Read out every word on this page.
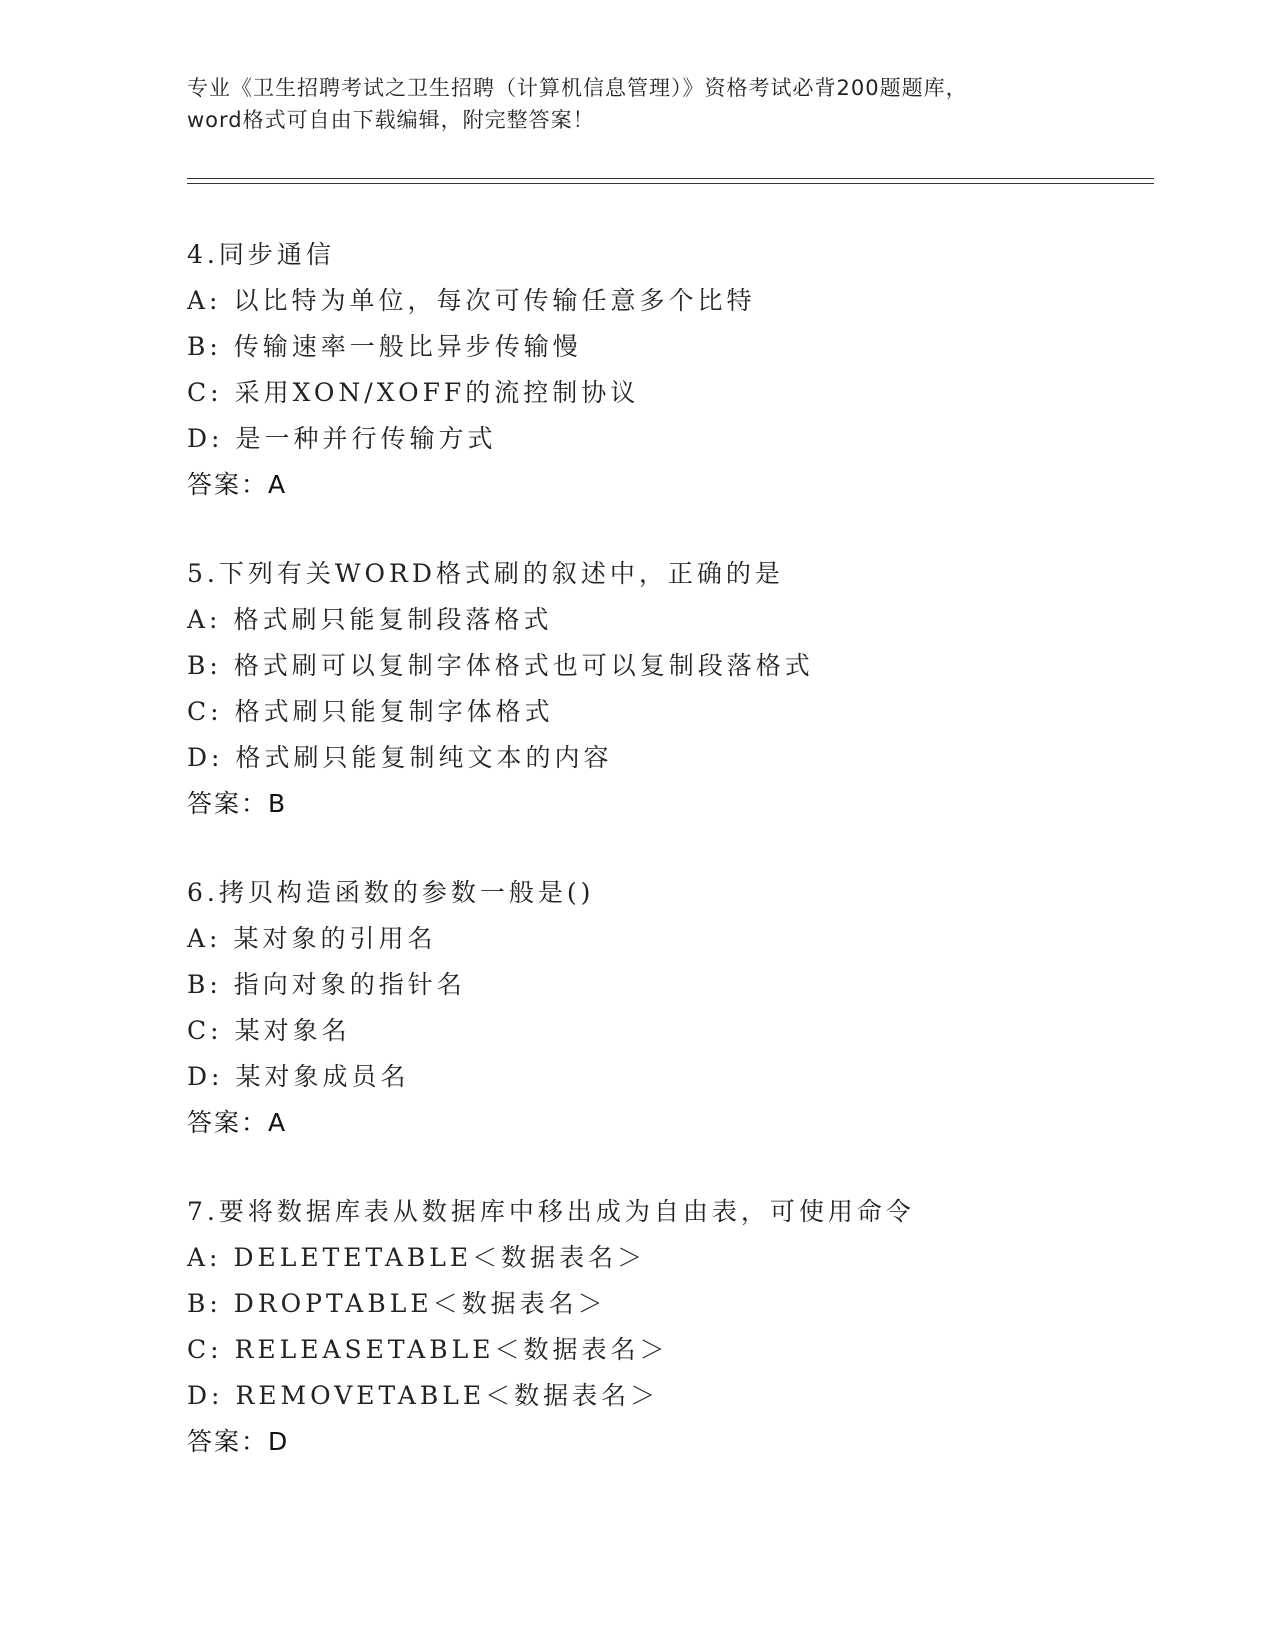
专业《卫生招聘考试之卫生招聘（计算机信息管理）》资格考试必背200题题库，
word格式可自由下载编辑，附完整答案！
4.同步通信
A: 以比特为单位，每次可传输任意多个比特
B: 传输速率一般比异步传输慢
C: 采用XON/XOFF的流控制协议
D: 是一种并行传输方式
答案：A
5.下列有关WORD格式刷的叙述中，正确的是
A: 格式刷只能复制段落格式
B: 格式刷可以复制字体格式也可以复制段落格式
C: 格式刷只能复制字体格式
D: 格式刷只能复制纯文本的内容
答案：B
6.拷贝构造函数的参数一般是()
A: 某对象的引用名
B: 指向对象的指针名
C: 某对象名
D: 某对象成员名
答案：A
7.要将数据库表从数据库中移出成为自由表，可使用命令
A: DELETETABLE＜数据表名＞
B: DROPTABLE＜数据表名＞
C: RELEASETABLE＜数据表名＞
D: REMOVETABLE＜数据表名＞
答案：D
